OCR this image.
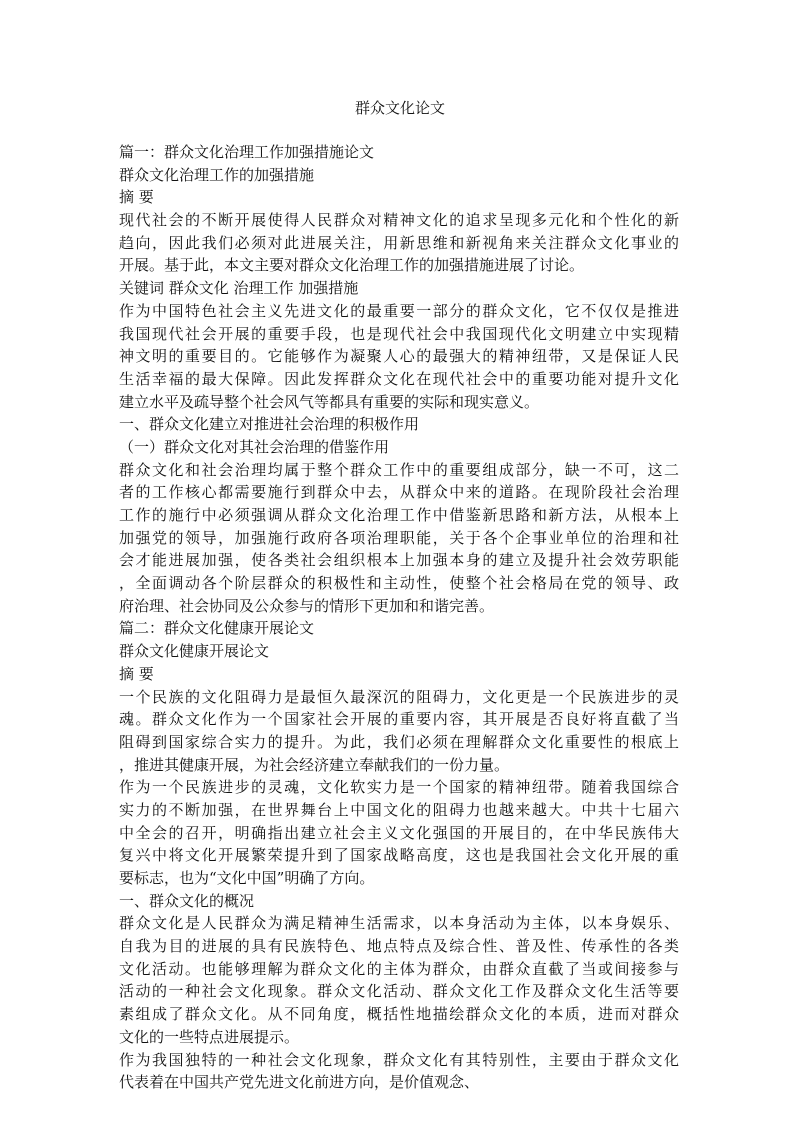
群众文化论文
篇一：群众文化治理工作加强措施论文
群众文化治理工作的加强措施
摘 要
现代社会的不断开展使得人民群众对精神文化的追求呈现多元化和个性化的新
趋向，因此我们必须对此进展关注，用新思维和新视角来关注群众文化事业的
开展。基于此，本文主要对群众文化治理工作的加强措施进展了讨论。
关键词 群众文化 治理工作 加强措施
作为中国特色社会主义先进文化的最重要一部分的群众文化，它不仅仅是推进
我国现代社会开展的重要手段，也是现代社会中我国现代化文明建立中实现精
神文明的重要目的。它能够作为凝聚人心的最强大的精神纽带，又是保证人民
生活幸福的最大保障。因此发挥群众文化在现代社会中的重要功能对提升文化
建立水平及疏导整个社会风气等都具有重要的实际和现实意义。
一、群众文化建立对推进社会治理的积极作用
（一）群众文化对其社会治理的借鉴作用
群众文化和社会治理均属于整个群众工作中的重要组成部分，缺一不可，这二
者的工作核心都需要施行到群众中去，从群众中来的道路。在现阶段社会治理
工作的施行中必须强调从群众文化治理工作中借鉴新思路和新方法，从根本上
加强党的领导，加强施行政府各项治理职能，关于各个企事业单位的治理和社
会才能进展加强，使各类社会组织根本上加强本身的建立及提升社会效劳职能
，全面调动各个阶层群众的积极性和主动性，使整个社会格局在党的领导、政
府治理、社会协同及公众参与的情形下更加和和谐完善。
篇二：群众文化健康开展论文
群众文化健康开展论文
摘 要
一个民族的文化阻碍力是最恒久最深沉的阻碍力，文化更是一个民族进步的灵
魂。群众文化作为一个国家社会开展的重要内容，其开展是否良好将直截了当
阻碍到国家综合实力的提升。为此，我们必须在理解群众文化重要性的根底上
，推进其健康开展，为社会经济建立奉献我们的一份力量。
作为一个民族进步的灵魂，文化软实力是一个国家的精神纽带。随着我国综合
实力的不断加强，在世界舞台上中国文化的阻碍力也越来越大。中共十七届六
中全会的召开，明确指出建立社会主义文化强国的开展目的，在中华民族伟大
复兴中将文化开展繁荣提升到了国家战略高度，这也是我国社会文化开展的重
要标志，也为“文化中国”明确了方向。
一、群众文化的概况
群众文化是人民群众为满足精神生活需求，以本身活动为主体，以本身娱乐、
自我为目的进展的具有民族特色、地点特点及综合性、普及性、传承性的各类
文化活动。也能够理解为群众文化的主体为群众，由群众直截了当或间接参与
活动的一种社会文化现象。群众文化活动、群众文化工作及群众文化生活等要
素组成了群众文化。从不同角度，概括性地描绘群众文化的本质，进而对群众
文化的一些特点进展提示。
作为我国独特的一种社会文化现象，群众文化有其特别性，主要由于群众文化
代表着在中国共产党先进文化前进方向，是价值观念、
